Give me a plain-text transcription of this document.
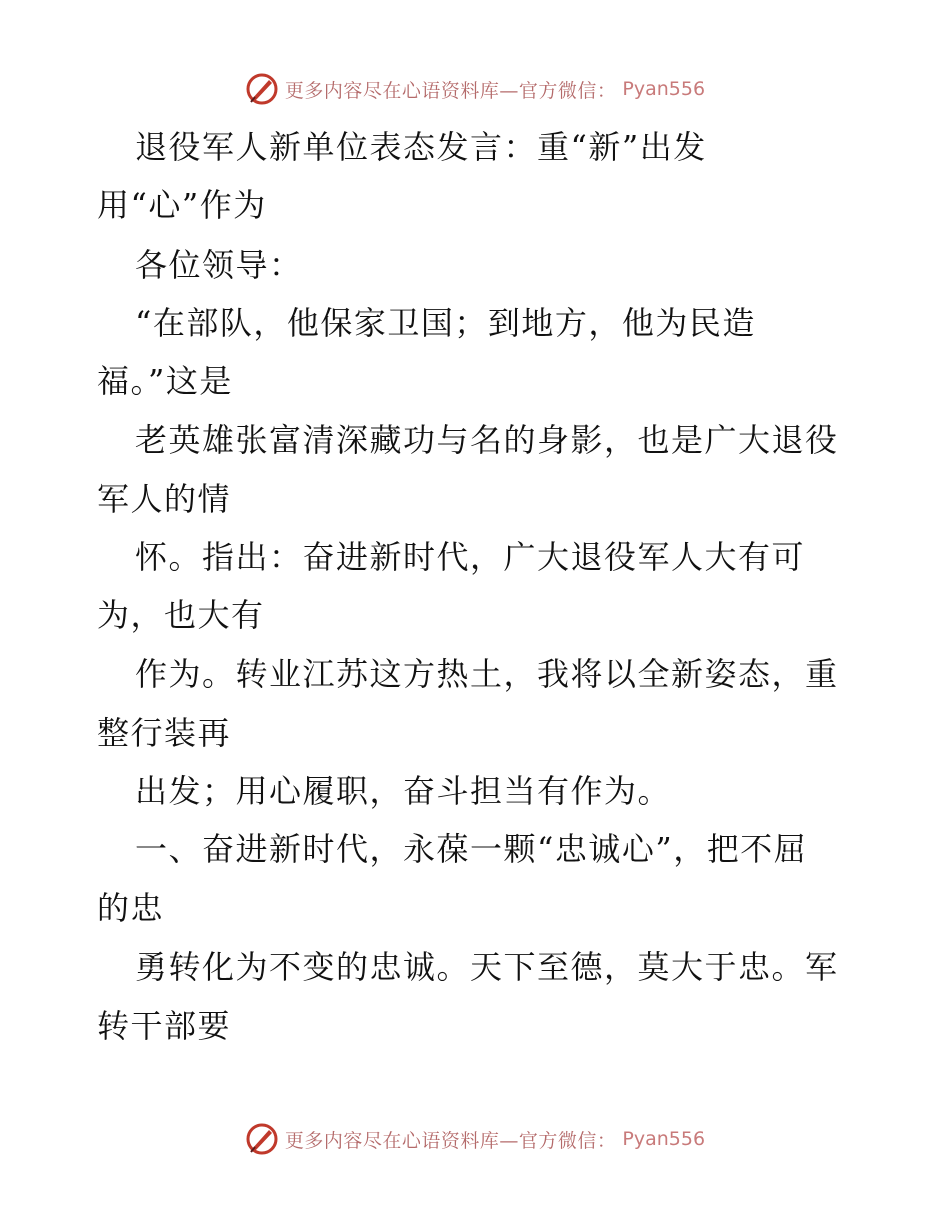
更多内容尽在心语资料库—官方微信： Pyan556
退役军人新单位表态发言：重“新”出发
用“心”作为
各位领导：
“在部队，他保家卫国；到地方，他为民造
福。”这是
老英雄张富清深藏功与名的身影，也是广大退役
军人的情
怀。指出：奋进新时代，广大退役军人大有可
为，也大有
作为。转业江苏这方热土，我将以全新姿态，重
整行装再
出发；用心履职，奋斗担当有作为。
一、奋进新时代，永葆一颗“忠诚心”，把不屈
的忠
勇转化为不变的忠诚。天下至德，莫大于忠。军
转干部要
更多内容尽在心语资料库—官方微信： Pyan556
